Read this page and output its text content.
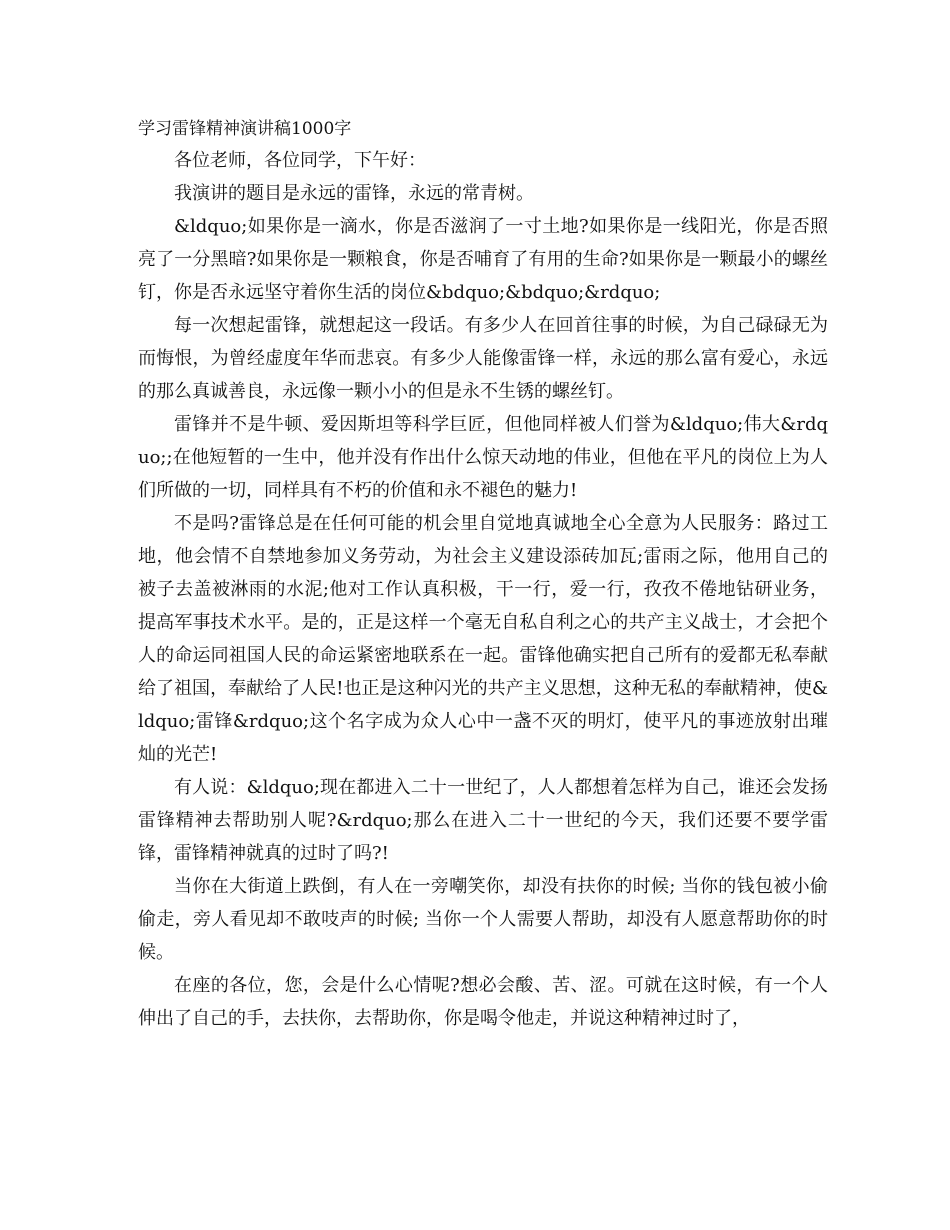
学习雷锋精神演讲稿1000字

各位老师，各位同学，下午好：

我演讲的题目是永远的雷锋，永远的常青树。

&ldquo;如果你是一滴水，你是否滋润了一寸土地?如果你是一线阳光，你是否照亮了一分黑暗?如果你是一颗粮食，你是否哺育了有用的生命?如果你是一颗最小的螺丝钉，你是否永远坚守着你生活的岗位&bdquo;&bdquo;&rdquo;

每一次想起雷锋，就想起这一段话。有多少人在回首往事的时候，为自己碌碌无为而悔恨，为曾经虚度年华而悲哀。有多少人能像雷锋一样，永远的那么富有爱心，永远的那么真诚善良，永远像一颗小小的但是永不生锈的螺丝钉。

雷锋并不是牛顿、爱因斯坦等科学巨匠，但他同样被人们誉为&ldquo;伟大&rdquo;;在他短暂的一生中，他并没有作出什么惊天动地的伟业，但他在平凡的岗位上为人们所做的一切，同样具有不朽的价值和永不褪色的魅力!

不是吗?雷锋总是在任何可能的机会里自觉地真诚地全心全意为人民服务：路过工地，他会情不自禁地参加义务劳动，为社会主义建设添砖加瓦;雷雨之际，他用自己的被子去盖被淋雨的水泥;他对工作认真积极，干一行，爱一行，孜孜不倦地钻研业务，提高军事技术水平。是的，正是这样一个毫无自私自利之心的共产主义战士，才会把个人的命运同祖国人民的命运紧密地联系在一起。雷锋他确实把自己所有的爱都无私奉献给了祖国，奉献给了人民!也正是这种闪光的共产主义思想，这种无私的奉献精神，使&ldquo;雷锋&rdquo;这个名字成为众人心中一盏不灭的明灯，使平凡的事迹放射出璀灿的光芒!

有人说：&ldquo;现在都进入二十一世纪了，人人都想着怎样为自己，谁还会发扬雷锋精神去帮助别人呢?&rdquo;那么在进入二十一世纪的今天，我们还要不要学雷锋，雷锋精神就真的过时了吗?!

当你在大街道上跌倒，有人在一旁嘲笑你，却没有扶你的时候; 当你的钱包被小偷偷走，旁人看见却不敢吱声的时候; 当你一个人需要人帮助，却没有人愿意帮助你的时候。

在座的各位，您，会是什么心情呢?想必会酸、苦、涩。可就在这时候，有一个人伸出了自己的手，去扶你，去帮助你，你是喝令他走，并说这种精神过时了，
